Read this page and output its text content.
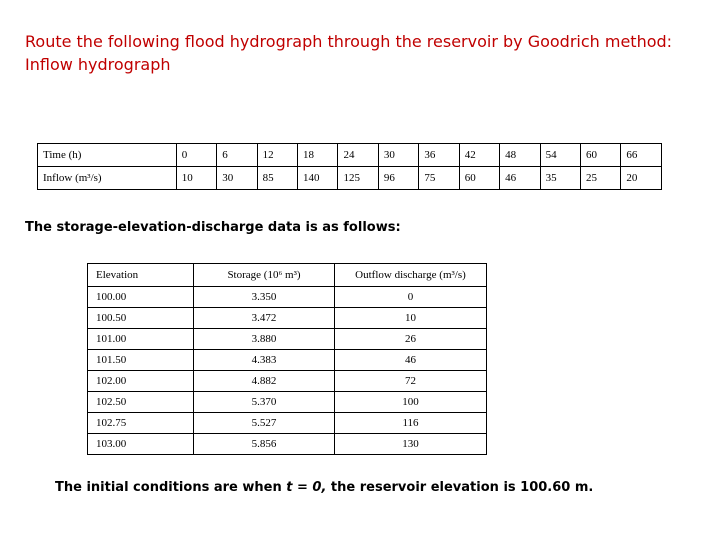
Route the following flood hydrograph through the reservoir by Goodrich method:
Inflow hydrograph
Time (h)	0	6	12	18	24	30	36	42	48	54	60	66
Inflow (m³/s)	10	30	85	140	125	96	75	60	46	35	25	20
The storage-elevation-discharge data is as follows:
Elevation	Storage (10⁶ m³)	Outflow discharge (m³/s)
100.00	3.350	0
100.50	3.472	10
101.00	3.880	26
101.50	4.383	46
102.00	4.882	72
102.50	5.370	100
102.75	5.527	116
103.00	5.856	130
The initial conditions are when t = 0, the reservoir elevation is 100.60 m.
